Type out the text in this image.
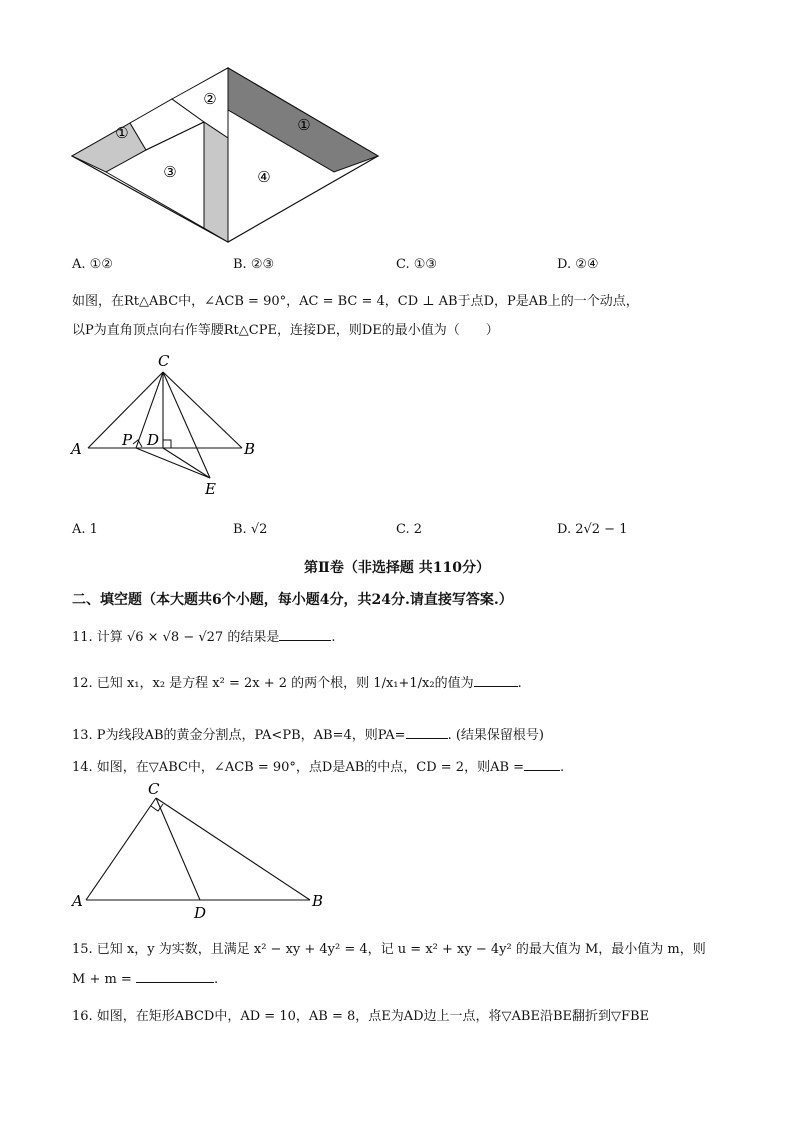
①
②
①
③	④
A. ①②	B. ②③	C. ①③	D. ②④
如图，在Rt△ABC中，∠ACB = 90°，AC = BC = 4，CD ⊥ AB于点D，P是AB上的一个动点，
以P为直角顶点向右作等腰Rt△CPE，连接DE，则DE的最小值为（　　）
C
A	P D	B
E
A. 1	B. √2	C. 2	D. 2√2 − 1
第Ⅱ卷（非选择题 共110分）
二、填空题（本大题共6个小题，每小题4分，共24分.请直接写答案.）
11. 计算 √6 × √8 − √27 的结果是	.
12. 已知 x₁，x₂ 是方程 x² = 2x + 2 的两个根，则 1/x₁+1/x₂的值为	.
13. P为线段AB的黄金分割点，PA<PB，AB=4，则PA=	. (结果保留根号)
14. 如图，在▽ABC中，∠ACB = 90°，点D是AB的中点，CD = 2，则AB =	.
C
A
D
B
15. 已知 x，y 为实数，且满足 x² − xy + 4y² = 4，记 u = x² + xy − 4y² 的最大值为 M，最小值为 m，则
M + m =	.
16. 如图，在矩形ABCD中，AD = 10，AB = 8，点E为AD边上一点，将▽ABE沿BE翻折到▽FBE
